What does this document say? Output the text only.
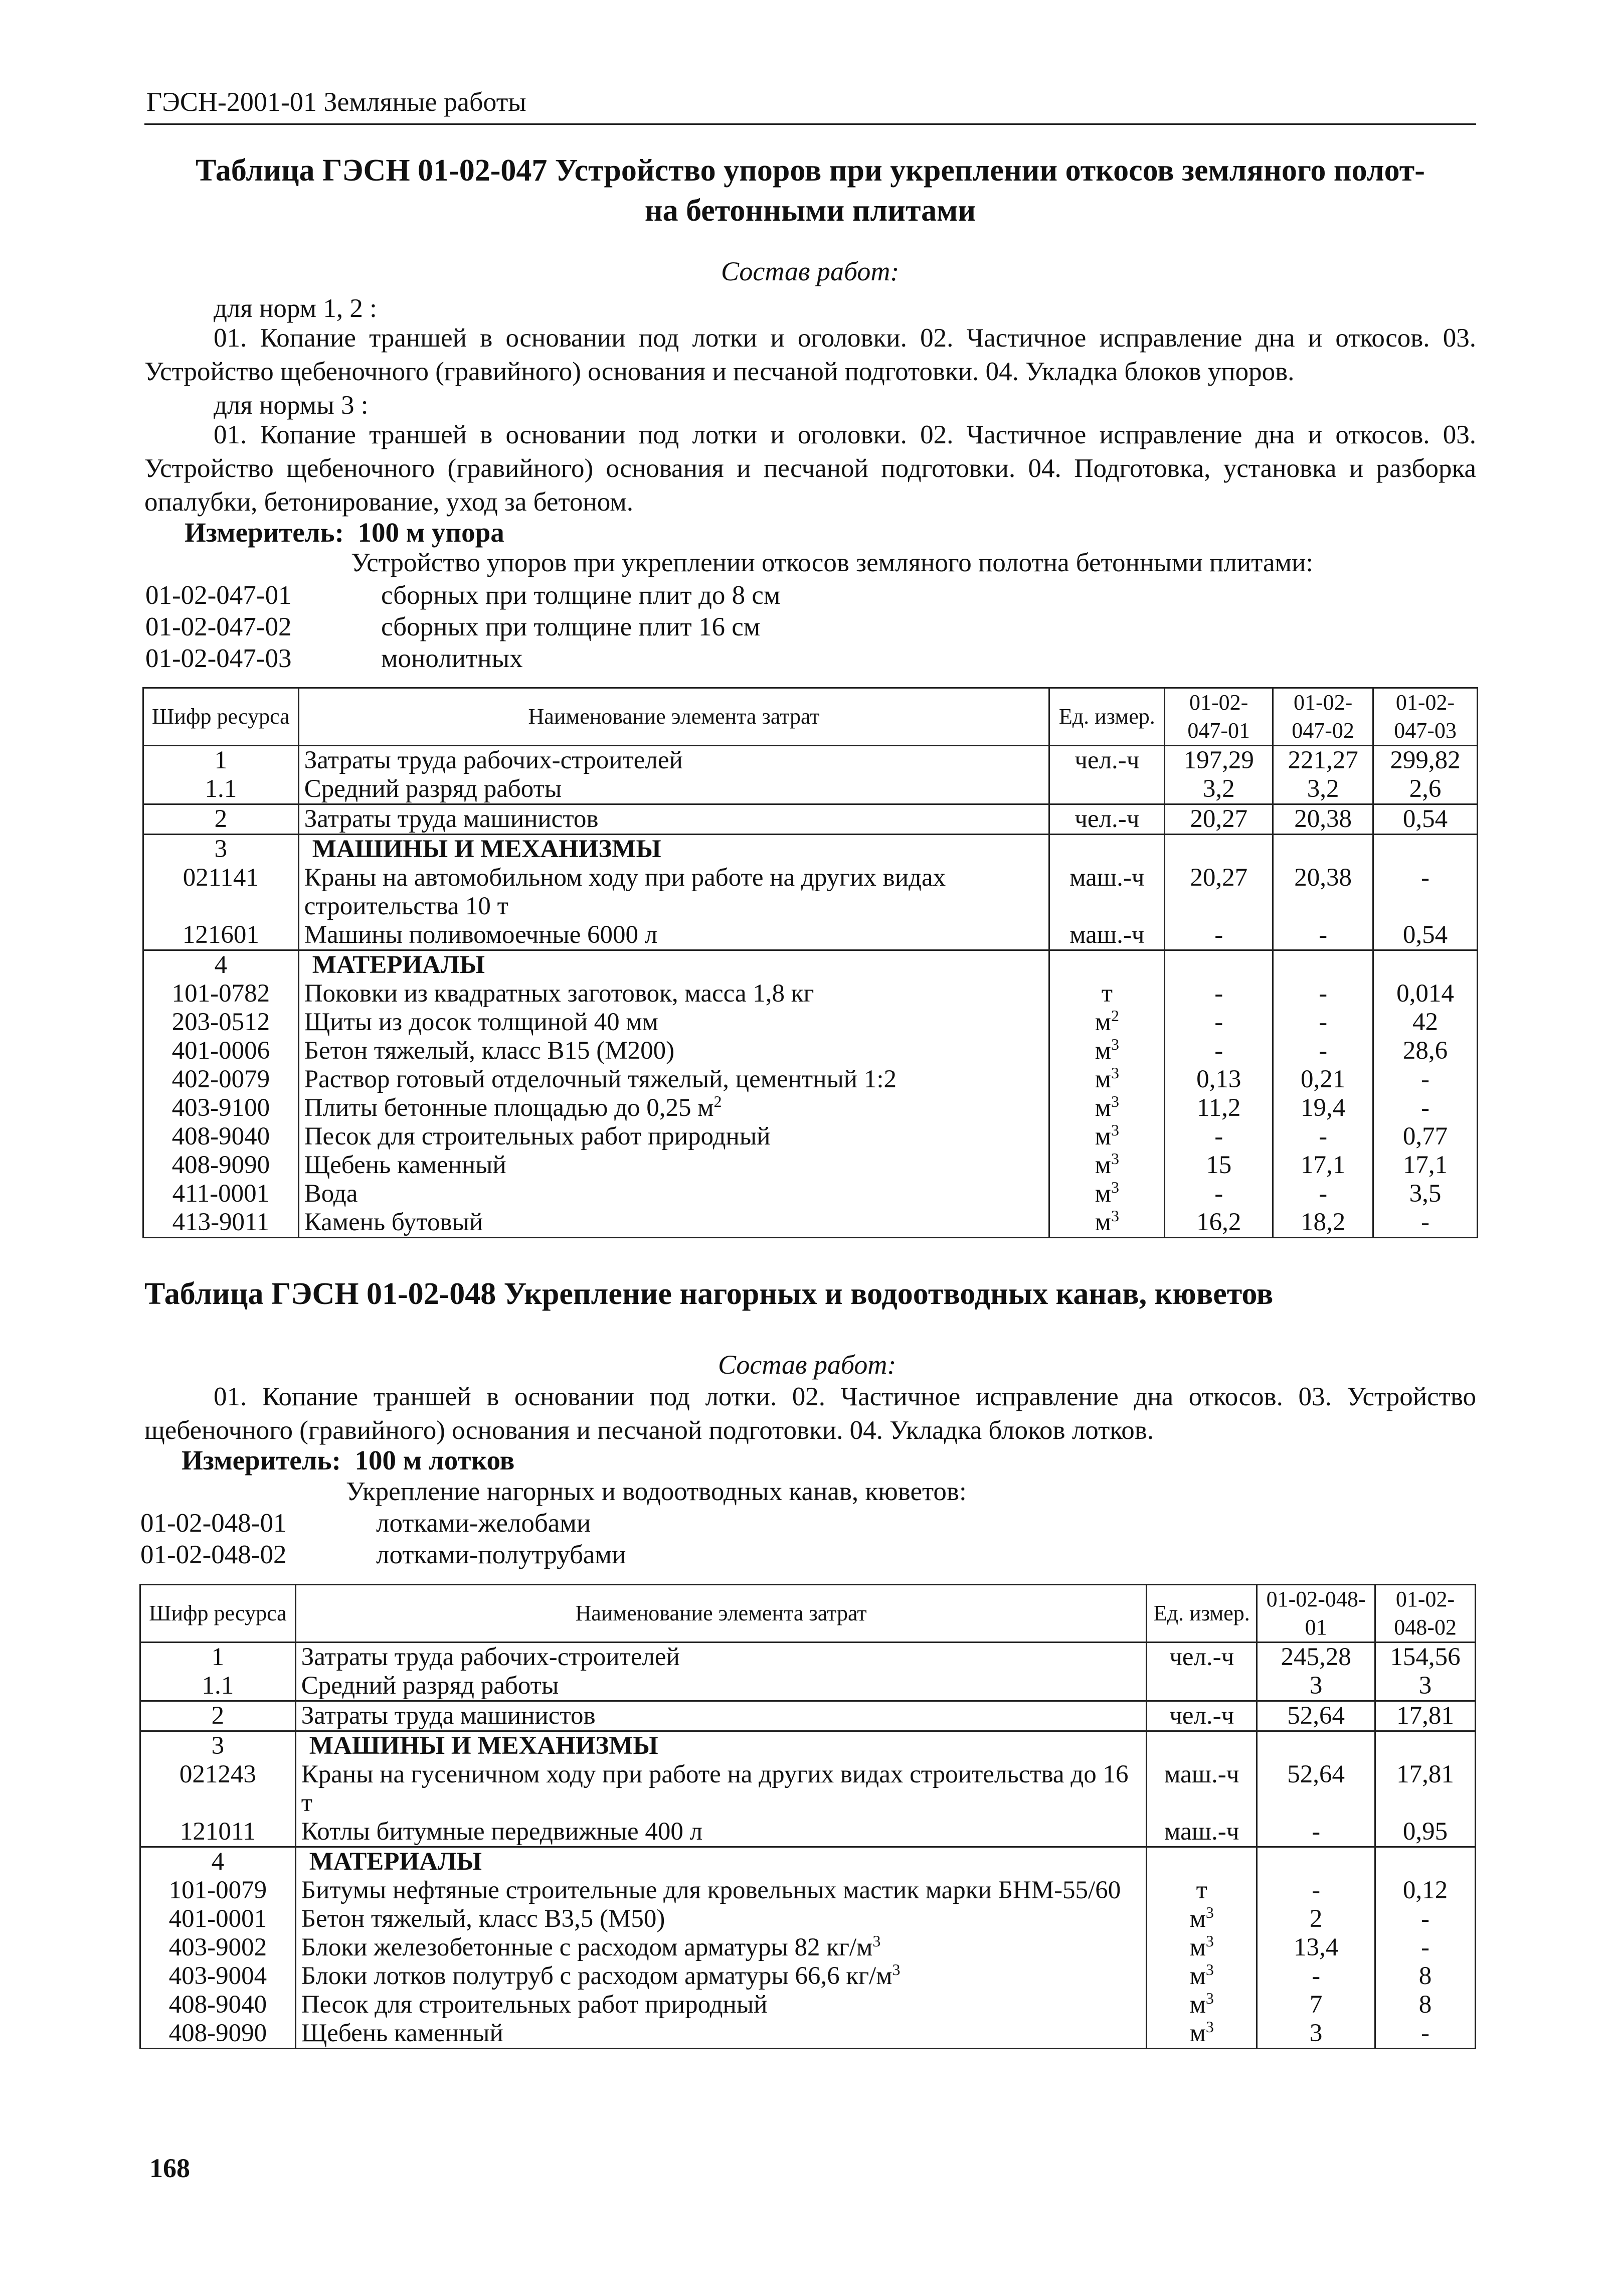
ГЭСН-2001-01 Земляные работы
Таблица ГЭСН 01-02-047 Устройство упоров при укреплении откосов земляного полот-
на бетонными плитами
Состав работ:
для норм 1, 2 :
01. Копание траншей в основании под лотки и оголовки. 02. Частичное исправление дна и откосов. 03. Устройство щебеночного (гравийного) основания и песчаной подготовки. 04. Укладка блоков упоров.
для нормы 3 :
01. Копание траншей в основании под лотки и оголовки. 02. Частичное исправление дна и откосов. 03. Устройство щебеночного (гравийного) основания и песчаной подготовки. 04. Подготовка, установка и разборка опалубки, бетонирование, уход за бетоном.
Измеритель: 100 м упора
Устройство упоров при укреплении откосов земляного полотна бетонными плитами:
01-02-047-01	сборных при толщине плит до 8 см
01-02-047-02	сборных при толщине плит 16 см
01-02-047-03	монолитных
Шифр ресурса	Наименование элемента затрат	Ед. измер.	01-02-047-01	01-02-047-02	01-02-047-03
1	Затраты труда рабочих-строителей	чел.-ч	197,29	221,27	299,82
1.1	Средний разряд работы		3,2	3,2	2,6
2	Затраты труда машинистов	чел.-ч	20,27	20,38	0,54
3	МАШИНЫ И МЕХАНИЗМЫ				
021141	Краны на автомобильном ходу при работе на других видах строительства 10 т	маш.-ч	20,27	20,38	-
121601	Машины поливомоечные 6000 л	маш.-ч	-	-	0,54
4	МАТЕРИАЛЫ				
101-0782	Поковки из квадратных заготовок, масса 1,8 кг	т	-	-	0,014
203-0512	Щиты из досок толщиной 40 мм	$м^2$	-	-	42
401-0006	Бетон тяжелый, класс В15 (М200)	$м^3$	-	-	28,6
402-0079	Раствор готовый отделочный тяжелый, цементный 1:2	$м^3$	0,13	0,21	-
403-9100	Плиты бетонные площадью до 0,25 $м^2$	$м^3$	11,2	19,4	-
408-9040	Песок для строительных работ природный	$м^3$	-	-	0,77
408-9090	Щебень каменный	$м^3$	15	17,1	17,1
411-0001	Вода	$м^3$	-	-	3,5
413-9011	Камень бутовый	$м^3$	16,2	18,2	-
Таблица ГЭСН 01-02-048 Укрепление нагорных и водоотводных канав, кюветов
Состав работ:
01. Копание траншей в основании под лотки. 02. Частичное исправление дна откосов. 03. Устройство щебеночного (гравийного) основания и песчаной подготовки. 04. Укладка блоков лотков.
Измеритель: 100 м лотков
Укрепление нагорных и водоотводных канав, кюветов:
01-02-048-01	лотками-желобами
01-02-048-02	лотками-полутрубами
Шифр ресурса	Наименование элемента затрат	Ед. измер.	01-02-048-01	01-02-048-02
1	Затраты труда рабочих-строителей	чел.-ч	245,28	154,56
1.1	Средний разряд работы		3	3
2	Затраты труда машинистов	чел.-ч	52,64	17,81
3	МАШИНЫ И МЕХАНИЗМЫ			
021243	Краны на гусеничном ходу при работе на других видах строительства до 16 т	маш.-ч	52,64	17,81
121011	Котлы битумные передвижные 400 л	маш.-ч	-	0,95
4	МАТЕРИАЛЫ			
101-0079	Битумы нефтяные строительные для кровельных мастик марки БНМ-55/60	т	-	0,12
401-0001	Бетон тяжелый, класс В3,5 (М50)	$м^3$	2	-
403-9002	Блоки железобетонные с расходом арматуры 82 $кг/м^3$	$м^3$	13,4	-
403-9004	Блоки лотков полутруб с расходом арматуры 66,6 $кг/м^3$	$м^3$	-	8
408-9040	Песок для строительных работ природный	$м^3$	7	8
408-9090	Щебень каменный	$м^3$	3	-
168
